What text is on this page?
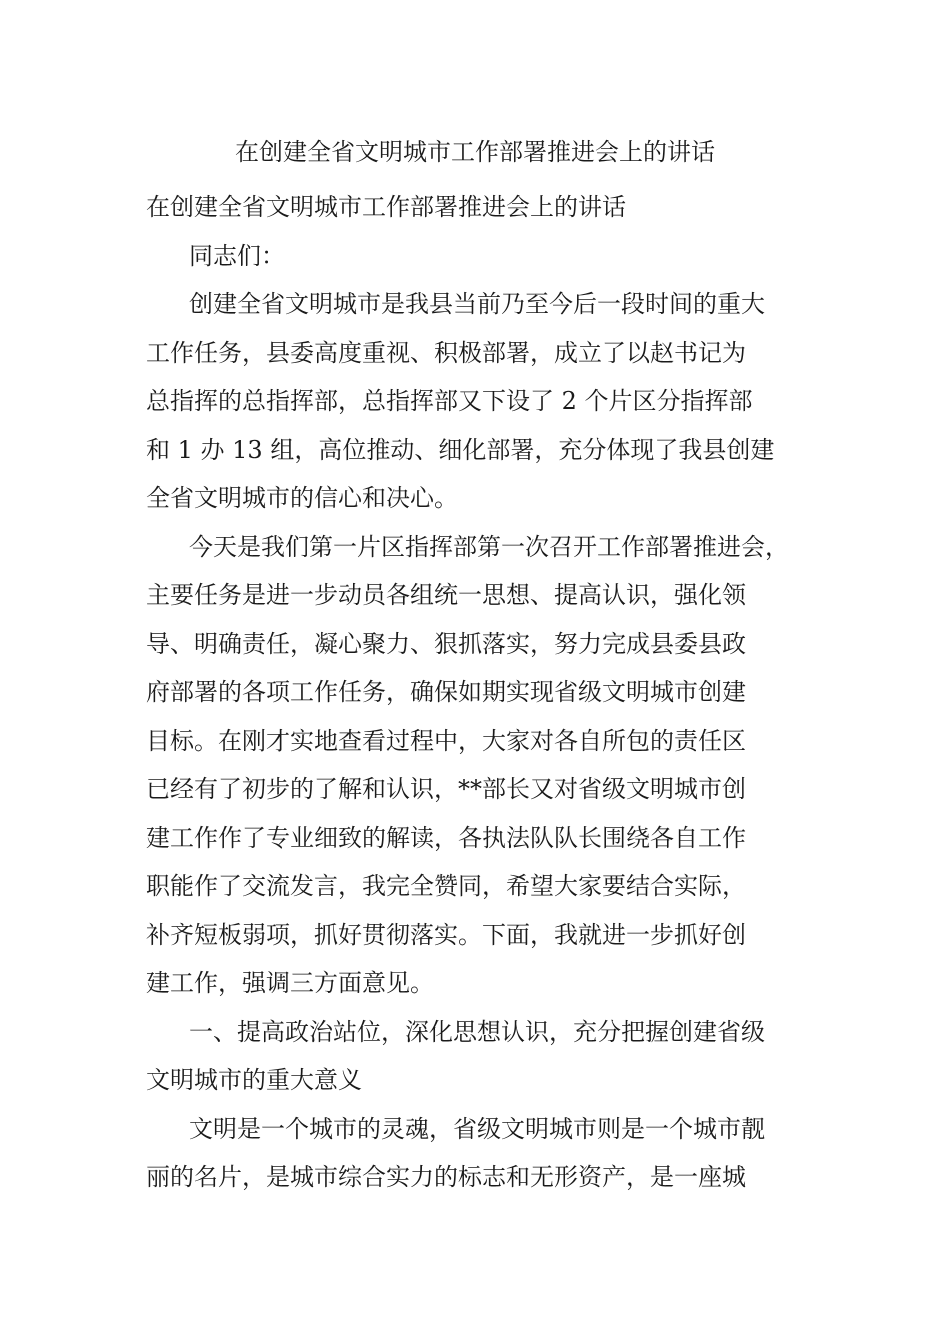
在创建全省文明城市工作部署推进会上的讲话
在创建全省文明城市工作部署推进会上的讲话
同志们：
创建全省文明城市是我县当前乃至今后一段时间的重大
工作任务，县委高度重视、积极部署，成立了以赵书记为
总指挥的总指挥部，总指挥部又下设了 2 个片区分指挥部
和 1 办 13 组，高位推动、细化部署，充分体现了我县创建
全省文明城市的信心和决心。
今天是我们第一片区指挥部第一次召开工作部署推进会，
主要任务是进一步动员各组统一思想、提高认识，强化领
导、明确责任，凝心聚力、狠抓落实，努力完成县委县政
府部署的各项工作任务，确保如期实现省级文明城市创建
目标。在刚才实地查看过程中，大家对各自所包的责任区
已经有了初步的了解和认识，**部长又对省级文明城市创
建工作作了专业细致的解读，各执法队队长围绕各自工作
职能作了交流发言，我完全赞同，希望大家要结合实际，
补齐短板弱项，抓好贯彻落实。下面，我就进一步抓好创
建工作，强调三方面意见。
一、提高政治站位，深化思想认识，充分把握创建省级
文明城市的重大意义
文明是一个城市的灵魂，省级文明城市则是一个城市靓
丽的名片，是城市综合实力的标志和无形资产，是一座城
